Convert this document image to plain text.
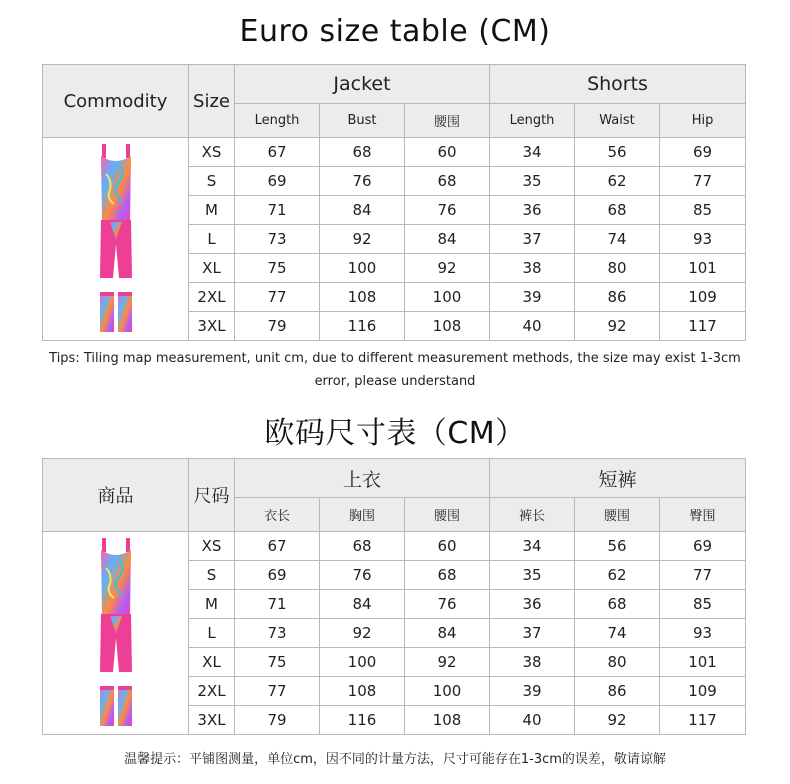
Euro size table (CM)
Commodity	Size	Jacket			Shorts		
		Length	Bust	腰围	Length	Waist	Hip

	XS	67	68	60	34	56	69
	S	69	76	68	35	62	77
	M	71	84	76	36	68	85
	L	73	92	84	37	74	93
	XL	75	100	92	38	80	101
	2XL	77	108	100	39	86	109
	3XL	79	116	108	40	92	117

Tips: Tiling map measurement, unit cm, due to different measurement methods, the size may exist 1-3cm error, please understand

欧码尺寸表（CM）
商品	尺码	上衣			短裤		
		衣长	胸围	腰围	裤长	腰围	臀围

	XS	67	68	60	34	56	69
	S	69	76	68	35	62	77
	M	71	84	76	36	68	85
	L	73	92	84	37	74	93
	XL	75	100	92	38	80	101
	2XL	77	108	100	39	86	109
	3XL	79	116	108	40	92	117

温馨提示：平铺图测量，单位cm，因不同的计量方法，尺寸可能存在1-3cm的误差，敬请谅解
